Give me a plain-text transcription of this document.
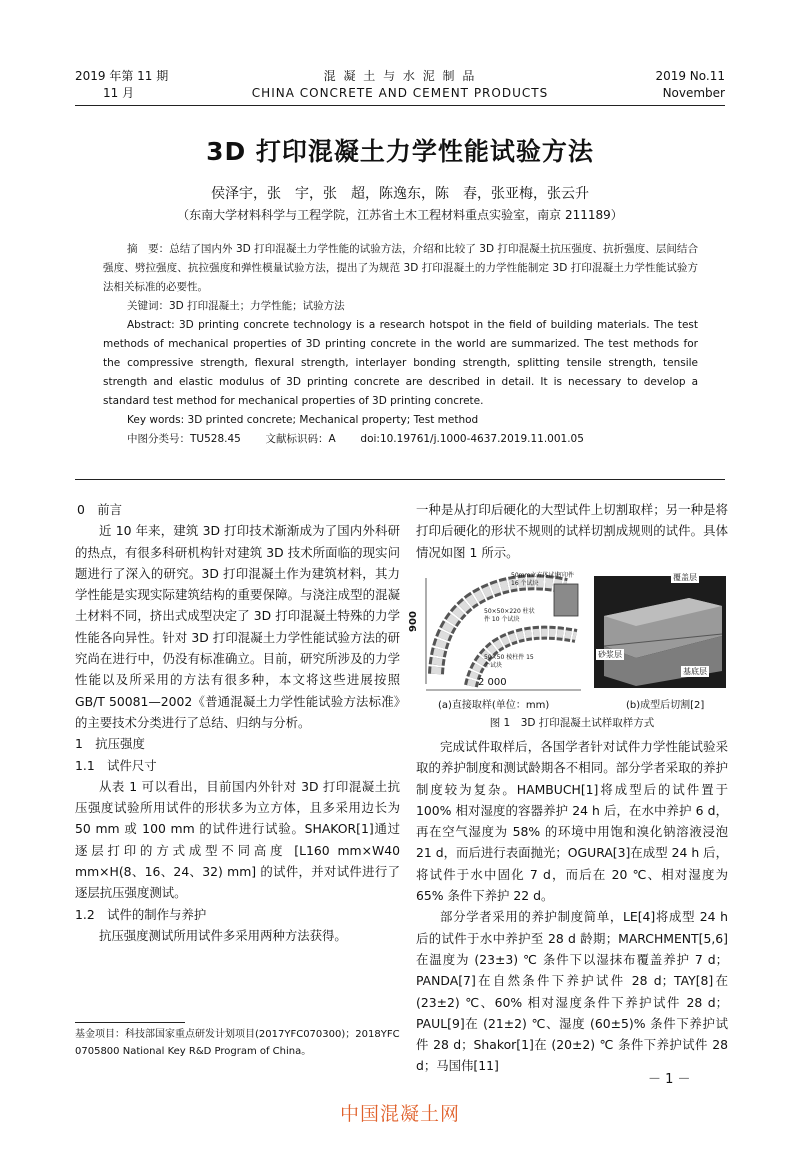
2019 年第 11 期
11 月
混 凝 土 与 水 泥 制 品
CHINA CONCRETE AND CEMENT PRODUCTS
2019 No.11
November
3D 打印混凝土力学性能试验方法
侯泽宇，张　宇，张　超，陈逸东，陈　春，张亚梅，张云升
（东南大学材料科学与工程学院，江苏省土木工程材料重点实验室，南京 211189）

摘　要：总结了国内外 3D 打印混凝土力学性能的试验方法，介绍和比较了 3D 打印混凝土抗压强度、抗折强度、层间结合强度、劈拉强度、抗拉强度和弹性模量试验方法，提出了为规范 3D 打印混凝土的力学性能制定 3D 打印混凝土力学性能试验方法相关标准的必要性。

关键词：3D 打印混凝土；力学性能；试验方法

Abstract: 3D printing concrete technology is a research hotspot in the field of building materials. The test methods of mechanical properties of 3D printing concrete in the world are summarized. The test methods for the compressive strength, flexural strength, interlayer bonding strength, splitting tensile strength, tensile strength and elastic modulus of 3D printing concrete are described in detail. It is necessary to develop a standard test method for mechanical properties of 3D printing concrete.

Key words: 3D printed concrete; Mechanical property; Test method

中图分类号：TU528.45 文献标识码：A doi:10.19761/j.1000-4637.2019.11.001.05

0　前言

近 10 年来，建筑 3D 打印技术渐渐成为了国内外科研的热点，有很多科研机构针对建筑 3D 技术所面临的现实问题进行了深入的研究。3D 打印混凝土作为建筑材料，其力学性能是实现实际建筑结构的重要保障。与浇注成型的混凝土材料不同，挤出式成型决定了 3D 打印混凝土特殊的力学性能各向异性。针对 3D 打印混凝土力学性能试验方法的研究尚在进行中，仍没有标准确立。目前，研究所涉及的力学性能以及所采用的方法有很多种，本文将这些进展按照 GB/T 50081—2002《普通混凝土力学性能试验方法标准》的主要技术分类进行了总结、归纳与分析。

1　抗压强度

1.1　试件尺寸

从表 1 可以看出，目前国内外针对 3D 打印混凝土抗压强度试验所用试件的形状多为立方体，且多采用边长为 50 mm 或 100 mm 的试件进行试验。SHAKOR[1]通过逐层打印的方式成型不同高度 [L160 mm×W40 mm×H(8、16、24、32) mm] 的试件，并对试件进行了逐层抗压强度测试。

1.2　试件的制作与养护

抗压强度测试所用试件多采用两种方法获得。

一种是从打印后硬化的大型试件上切割取样；另一种是将打印后硬化的形状不规则的试样切割成规则的试件。具体情况如图 1 所示。

900
2 000
50mm立方体试块 16 个试块
打印件
50×50×220 柱状件 10 个试块
50×50 棱柱件 15 个试块
覆盖层
砂浆层
基底层
(a)直接取样(单位：mm)	(b)成型后切割[2]
图 1　3D 打印混凝土试样取样方式

完成试件取样后，各国学者针对试件力学性能试验采取的养护制度和测试龄期各不相同。部分学者采取的养护制度较为复杂。HAMBUCH[1]将成型后的试件置于 100% 相对湿度的容器养护 24 h 后，在水中养护 6 d，再在空气湿度为 58% 的环境中用饱和溴化钠溶液浸泡 21 d，而后进行表面抛光；OGURA[3]在成型 24 h 后，将试件于水中固化 7 d，而后在 20 ℃、相对湿度为 65% 条件下养护 22 d。

部分学者采用的养护制度简单，LE[4]将成型 24 h 后的试件于水中养护至 28 d 龄期；MARCHMENT[5,6]在温度为 (23±3) ℃ 条件下以湿抹布覆盖养护 7 d；PANDA[7]在自然条件下养护试件 28 d；TAY[8]在 (23±2) ℃、60% 相对湿度条件下养护试件 28 d；PAUL[9]在 (21±2) ℃、湿度 (60±5)% 条件下养护试件 28 d；Shakor[1]在 (20±2) ℃ 条件下养护试件 28 d；马国伟[11]

基金项目：科技部国家重点研发计划项目(2017YFC070300)；2018YFC 0705800 National Key R&D Program of China。
－ 1 －
中国混凝土网
